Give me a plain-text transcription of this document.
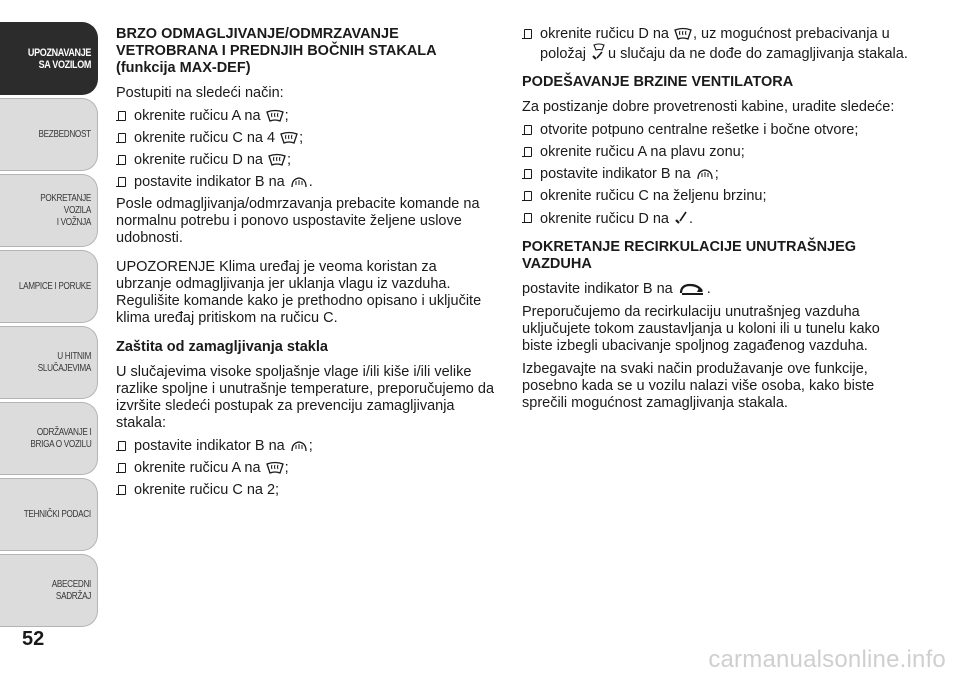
UPOZNAVANJE
SA VOZILOM
BEZBEDNOST
POKRETANJE VOZILA
I VOŽNJA
LAMPICE I PORUKE
U HITNIM
SLUČAJEVIMA
ODRŽAVANJE I
BRIGA O VOZILU
TEHNIČKI PODACI
ABECEDNI SADRŽAJ
52
BRZO ODMAGLJIVANJE/ODMRZAVANJE VETROBRANA I PREDNJIH BOČNIH STAKALA (funkcija MAX-DEF)

Postupiti na sledeći način:

okrenite ručicu A na ;
okrenite ručicu C na 4 ;
okrenite ručicu D na ;
postavite indikator B na .

Posle odmagljivanja/odmrzavanja prebacite komande na normalnu potrebu i ponovo uspostavite željene uslove udobnosti.

UPOZORENJE Klima uređaj je veoma koristan za ubrzanje odmagljivanja jer uklanja vlagu iz vazduha. Regulišite komande kako je prethodno opisano i uključite klima uređaj pritiskom na ručicu C.

Zaštita od zamagljivanja stakla

U slučajevima visoke spoljašnje vlage i/ili kiše i/ili velike razlike spoljne i unutrašnje temperature, preporučujemo da izvršite sledeći postupak za prevenciju zamagljivanja stakala:

postavite indikator B na ;
okrenite ručicu A na ;
okrenite ručicu C na 2;
okrenite ručicu D na , uz mogućnost prebacivanja u položaj u slučaju da ne dođe do zamagljivanja stakala.
PODEŠAVANJE BRZINE VENTILATORA

Za postizanje dobre provetrenosti kabine, uradite sledeće:

otvorite potpuno centralne rešetke i bočne otvore;
okrenite ručicu A na plavu zonu;
postavite indikator B na ;
okrenite ručicu C na željenu brzinu;
okrenite ručicu D na .
POKRETANJE RECIRKULACIJE UNUTRAŠNJEG VAZDUHA

postavite indikator B na .

Preporučujemo da recirkulaciju unutrašnjeg vazduha uključujete tokom zaustavljanja u koloni ili u tunelu kako biste izbegli ubacivanje spoljnog zagađenog vazduha.

Izbegavajte na svaki način produžavanje ove funkcije, posebno kada se u vozilu nalazi više osoba, kako biste sprečili mogućnost zamagljivanja stakala.

carmanualsonline.info
